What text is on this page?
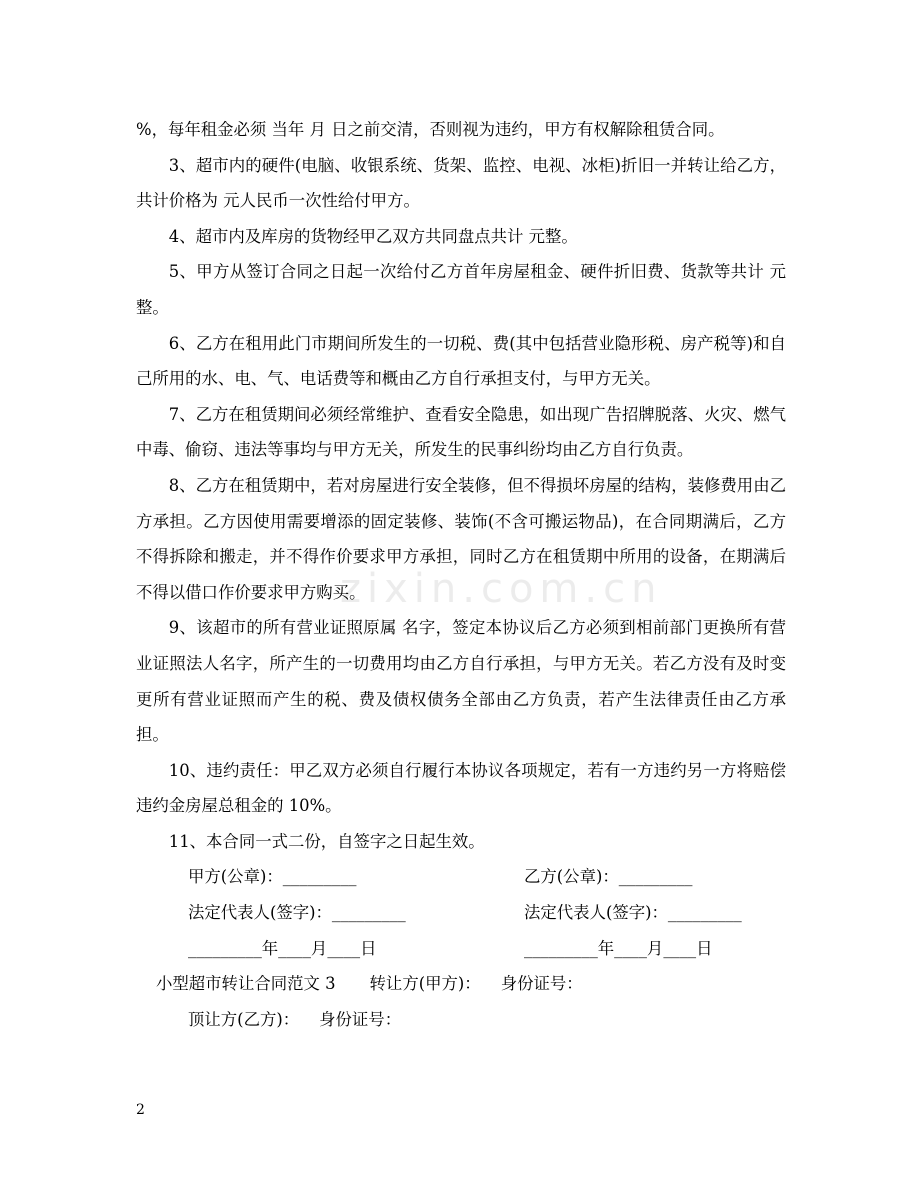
zixin.com.cn

%，每年租金必须 当年 月 日之前交清，否则视为违约，甲方有权解除租赁合同。

3、超市内的硬件(电脑、收银系统、货架、监控、电视、冰柜)折旧一并转让给乙方，共计价格为 元人民币一次性给付甲方。

4、超市内及库房的货物经甲乙双方共同盘点共计 元整。

5、甲方从签订合同之日起一次给付乙方首年房屋租金、硬件折旧费、货款等共计 元整。

6、乙方在租用此门市期间所发生的一切税、费(其中包括营业隐形税、房产税等)和自己所用的水、电、气、电话费等和概由乙方自行承担支付，与甲方无关。

7、乙方在租赁期间必须经常维护、查看安全隐患，如出现广告招牌脱落、火灾、燃气中毒、偷窃、违法等事均与甲方无关，所发生的民事纠纷均由乙方自行负责。

8、乙方在租赁期中，若对房屋进行安全装修，但不得损坏房屋的结构，装修费用由乙方承担。乙方因使用需要增添的固定装修、装饰(不含可搬运物品)，在合同期满后，乙方不得拆除和搬走，并不得作价要求甲方承担，同时乙方在租赁期中所用的设备，在期满后不得以借口作价要求甲方购买。

9、该超市的所有营业证照原属 名字，签定本协议后乙方必须到相前部门更换所有营业证照法人名字，所产生的一切费用均由乙方自行承担，与甲方无关。若乙方没有及时变更所有营业证照而产生的税、费及债权债务全部由乙方负责，若产生法律责任由乙方承担。

10、违约责任：甲乙双方必须自行履行本协议各项规定，若有一方违约另一方将赔偿违约金房屋总租金的 10%。

11、本合同一式二份，自签字之日起生效。

甲方(公章)：_________	乙方(公章)：_________
法定代表人(签字)：_________	法定代表人(签字)：_________
_________年____月____日	_________年____月____日
小型超市转让合同范文 3 转让方(甲方)： 身份证号：
顶让方(乙方)： 身份证号：
2
